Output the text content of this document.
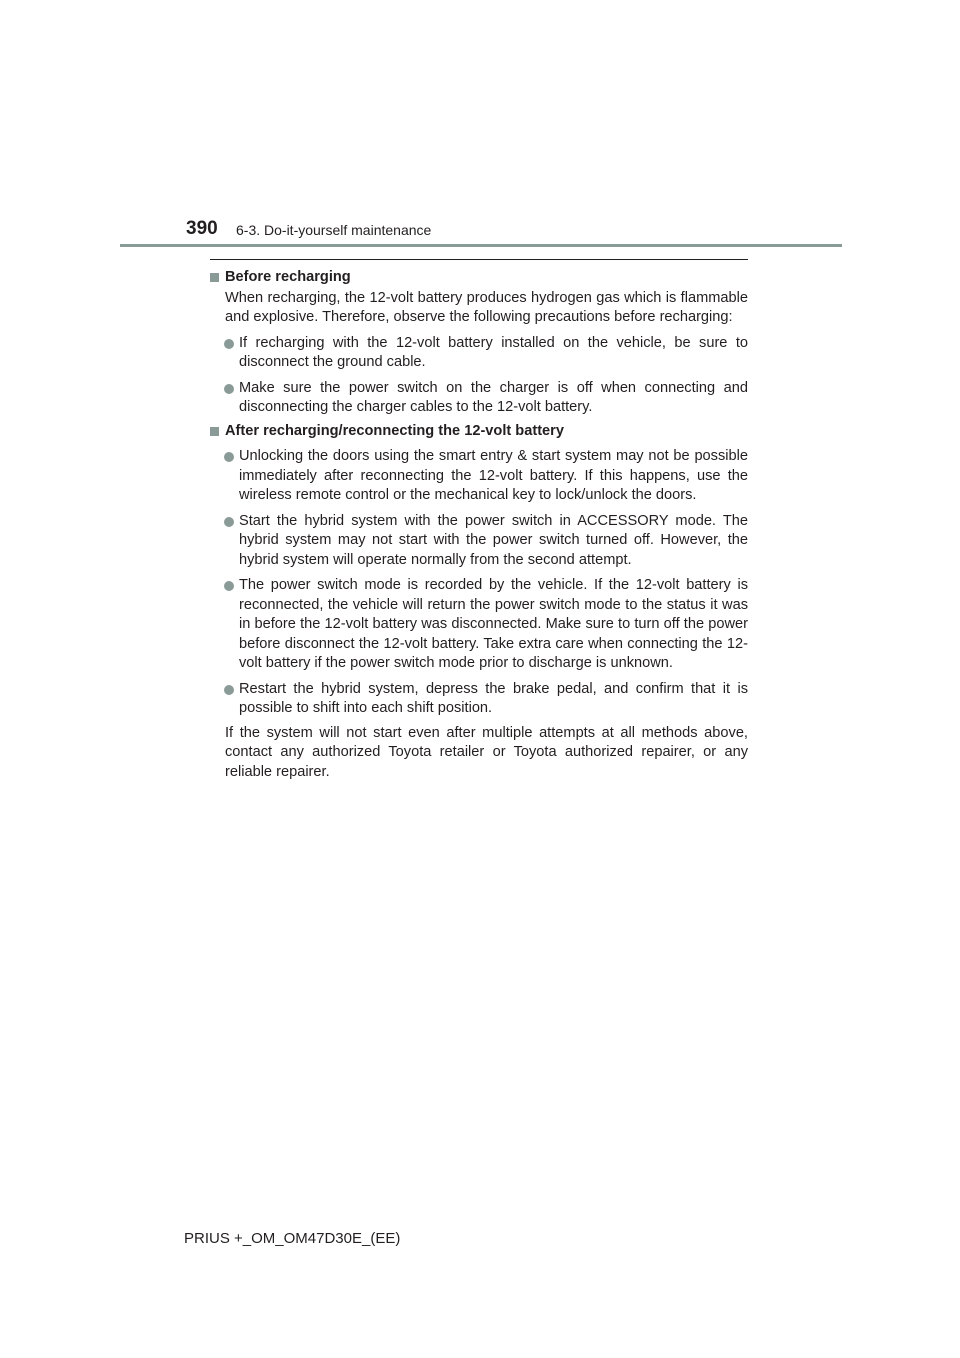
390 6-3. Do-it-yourself maintenance
Before recharging
When recharging, the 12-volt battery produces hydrogen gas which is flammable and explosive. Therefore, observe the following precautions before recharging:
If recharging with the 12-volt battery installed on the vehicle, be sure to disconnect the ground cable.
Make sure the power switch on the charger is off when connecting and disconnecting the charger cables to the 12-volt battery.
After recharging/reconnecting the 12-volt battery
Unlocking the doors using the smart entry & start system may not be possible immediately after reconnecting the 12-volt battery. If this happens, use the wireless remote control or the mechanical key to lock/unlock the doors.
Start the hybrid system with the power switch in ACCESSORY mode. The hybrid system may not start with the power switch turned off. However, the hybrid system will operate normally from the second attempt.
The power switch mode is recorded by the vehicle. If the 12-volt battery is reconnected, the vehicle will return the power switch mode to the status it was in before the 12-volt battery was disconnected. Make sure to turn off the power before disconnect the 12-volt battery. Take extra care when connecting the 12-volt battery if the power switch mode prior to discharge is unknown.
Restart the hybrid system, depress the brake pedal, and confirm that it is possible to shift into each shift position.
If the system will not start even after multiple attempts at all methods above, contact any authorized Toyota retailer or Toyota authorized repairer, or any reliable repairer.
PRIUS +_OM_OM47D30E_(EE)
